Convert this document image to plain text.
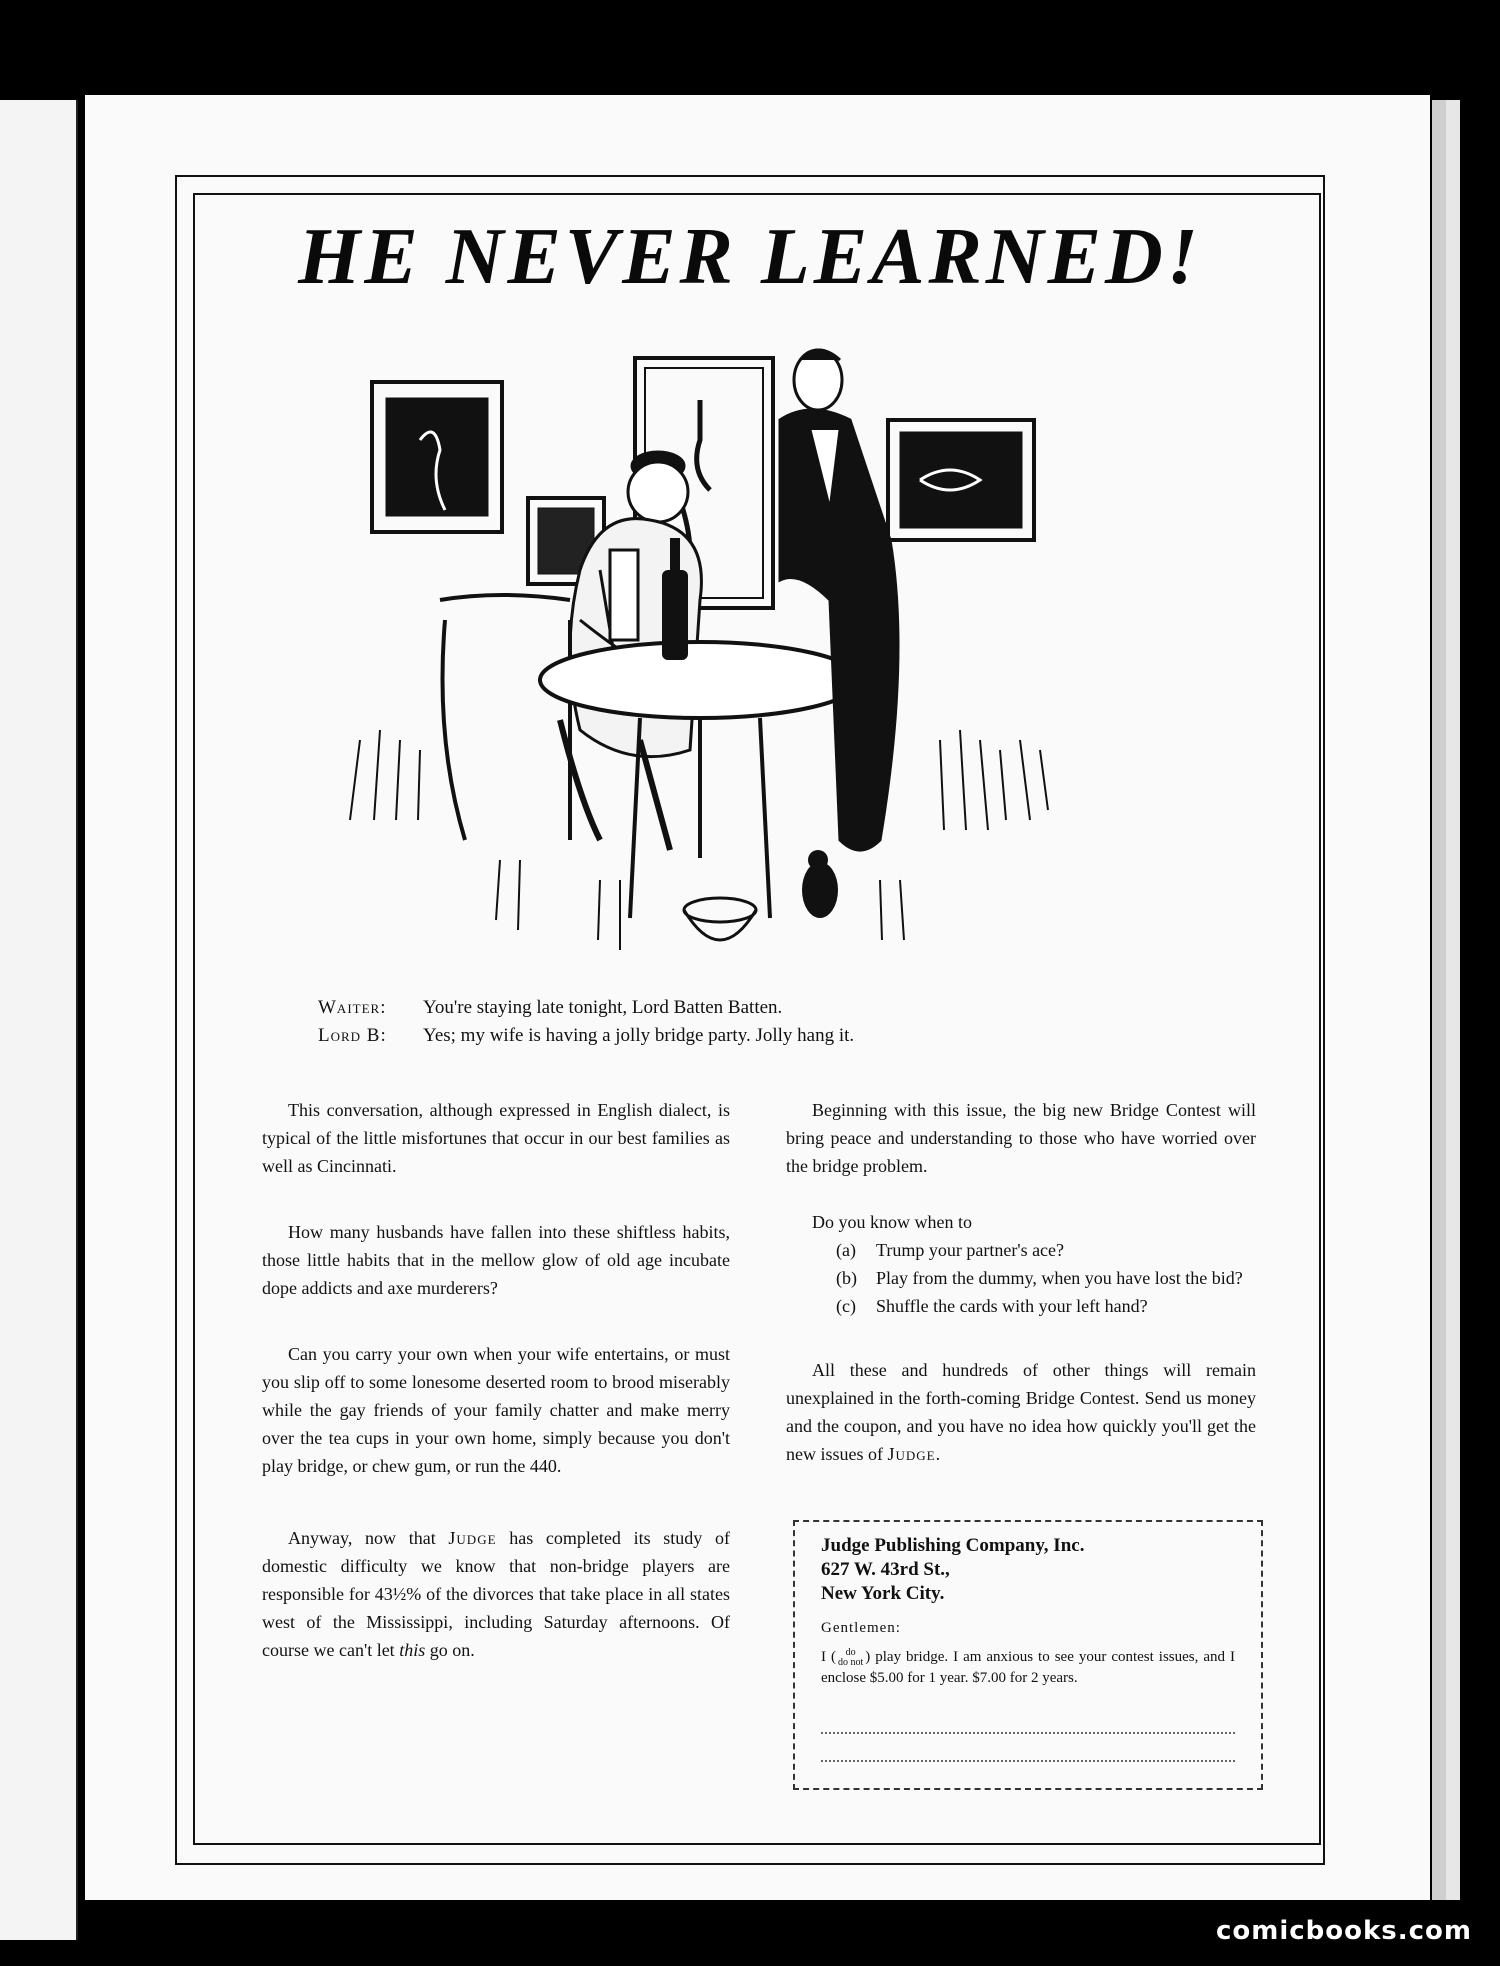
HE NEVER LEARNED!
Waiter:	You're staying late tonight, Lord Batten Batten.
Lord B:	Yes; my wife is having a jolly bridge party. Jolly hang it.

This conversation, although expressed in English dialect, is typical of the little misfortunes that occur in our best families as well as Cincinnati.

How many husbands have fallen into these shiftless habits, those little habits that in the mellow glow of old age incubate dope addicts and axe murderers?

Can you carry your own when your wife entertains, or must you slip off to some lonesome deserted room to brood miserably while the gay friends of your family chatter and make merry over the tea cups in your own home, simply because you don't play bridge, or chew gum, or run the 440.

Anyway, now that Judge has completed its study of domestic difficulty we know that non-bridge players are responsible for 43½% of the divorces that take place in all states west of the Mississippi, including Saturday afternoons. Of course we can't let this go on.

Beginning with this issue, the big new Bridge Contest will bring peace and understanding to those who have worried over the bridge problem.

Do you know when to

(a)	Trump your partner's ace?
(b)	Play from the dummy, when you have lost the bid?
(c)	Shuffle the cards with your left hand?

All these and hundreds of other things will remain unexplained in the forth-coming Bridge Contest. Send us money and the coupon, and you have no idea how quickly you'll get the new issues of Judge.

Judge Publishing Company, Inc.
627 W. 43rd St.,
New York City.
Gentlemen:
I ( do
do not ) play bridge. I am anxious to see your contest issues, and I enclose $5.00 for 1 year. $7.00 for 2 years.
comicbooks.com
